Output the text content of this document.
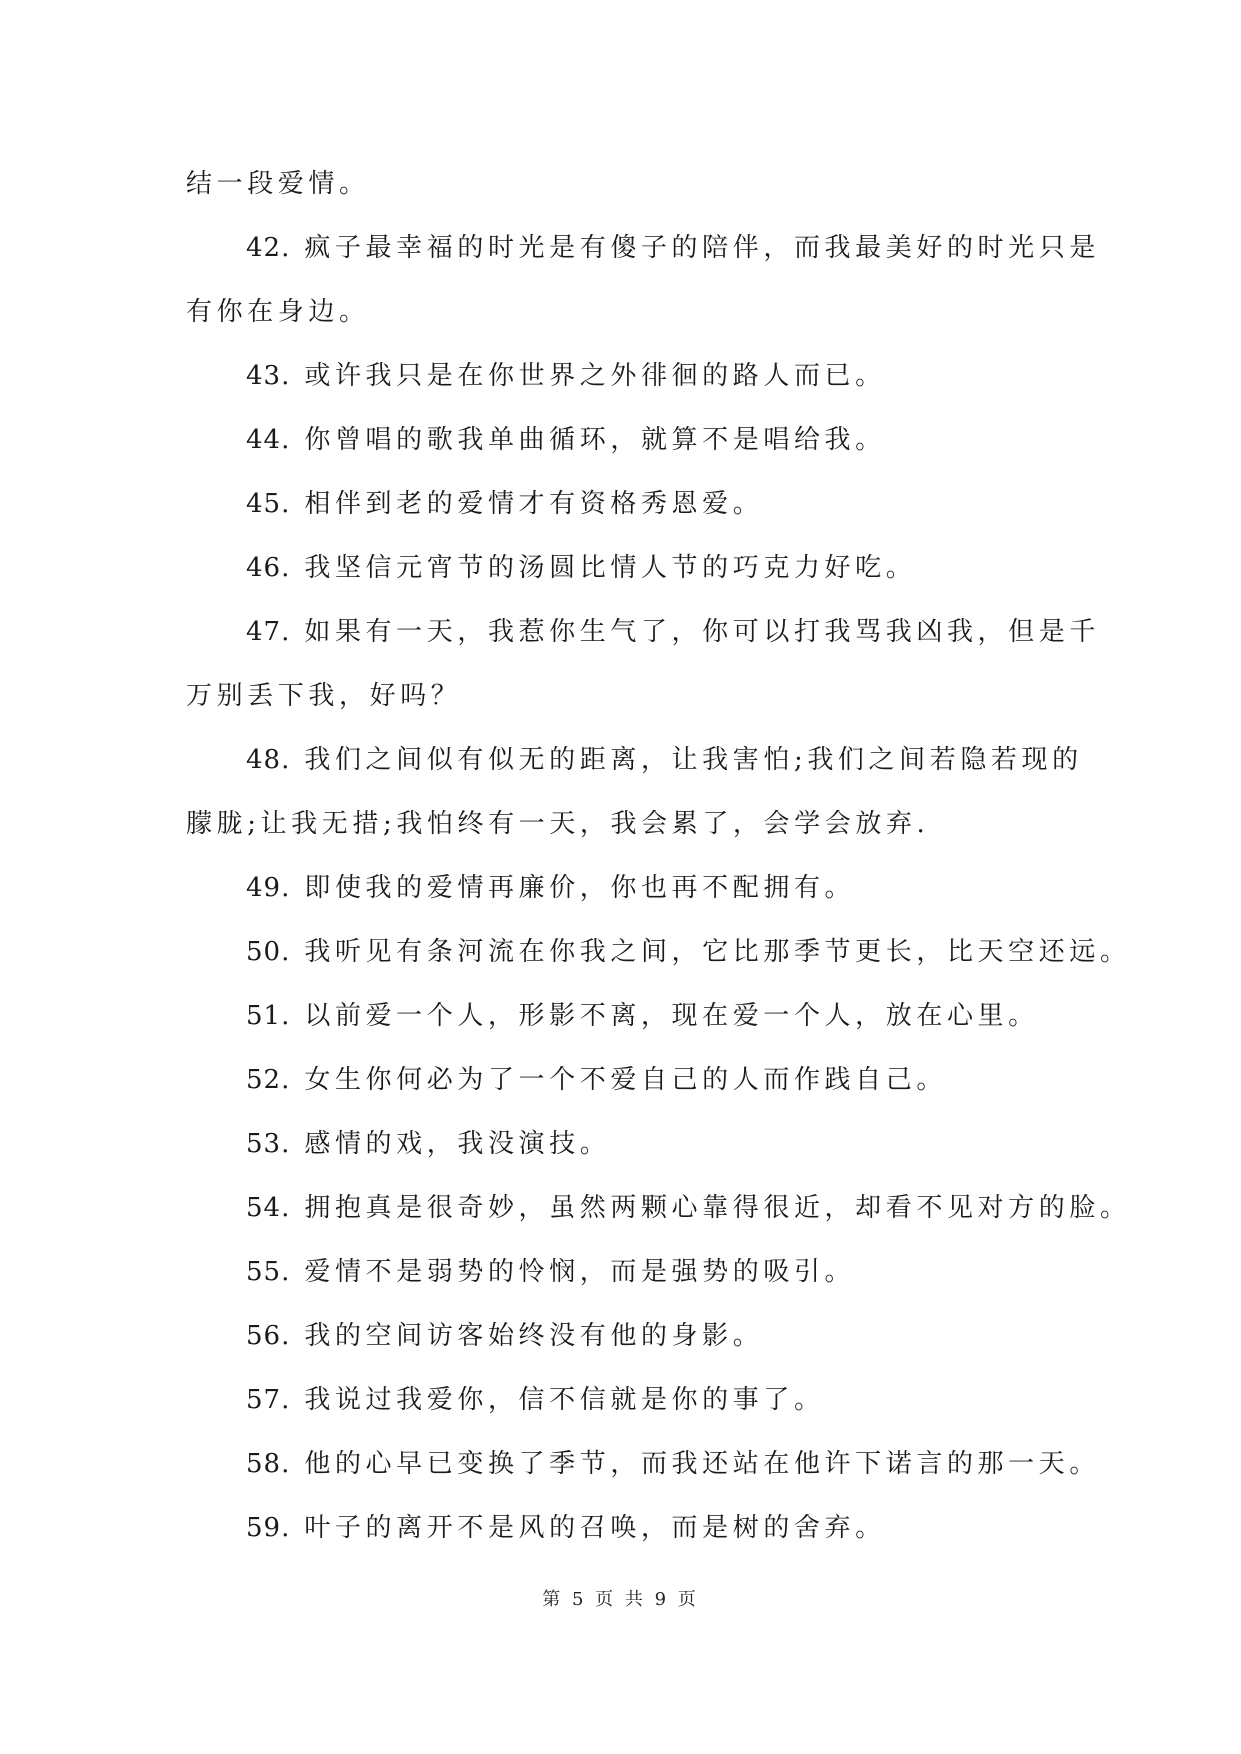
结一段爱情。
42. 疯子最幸福的时光是有傻子的陪伴，而我最美好的时光只是
有你在身边。
43. 或许我只是在你世界之外徘徊的路人而已。
44. 你曾唱的歌我单曲循环，就算不是唱给我。
45. 相伴到老的爱情才有资格秀恩爱。
46. 我坚信元宵节的汤圆比情人节的巧克力好吃。
47. 如果有一天，我惹你生气了，你可以打我骂我凶我，但是千
万别丢下我，好吗？
48. 我们之间似有似无的距离，让我害怕;我们之间若隐若现的
朦胧;让我无措;我怕终有一天，我会累了，会学会放弃.
49. 即使我的爱情再廉价，你也再不配拥有。
50. 我听见有条河流在你我之间，它比那季节更长，比天空还远。
51. 以前爱一个人，形影不离，现在爱一个人，放在心里。
52. 女生你何必为了一个不爱自己的人而作践自己。
53. 感情的戏，我没演技。
54. 拥抱真是很奇妙，虽然两颗心靠得很近，却看不见对方的脸。
55. 爱情不是弱势的怜悯，而是强势的吸引。
56. 我的空间访客始终没有他的身影。
57. 我说过我爱你，信不信就是你的事了。
58. 他的心早已变换了季节，而我还站在他许下诺言的那一天。
59. 叶子的离开不是风的召唤，而是树的舍弃。
第 5 页 共 9 页
